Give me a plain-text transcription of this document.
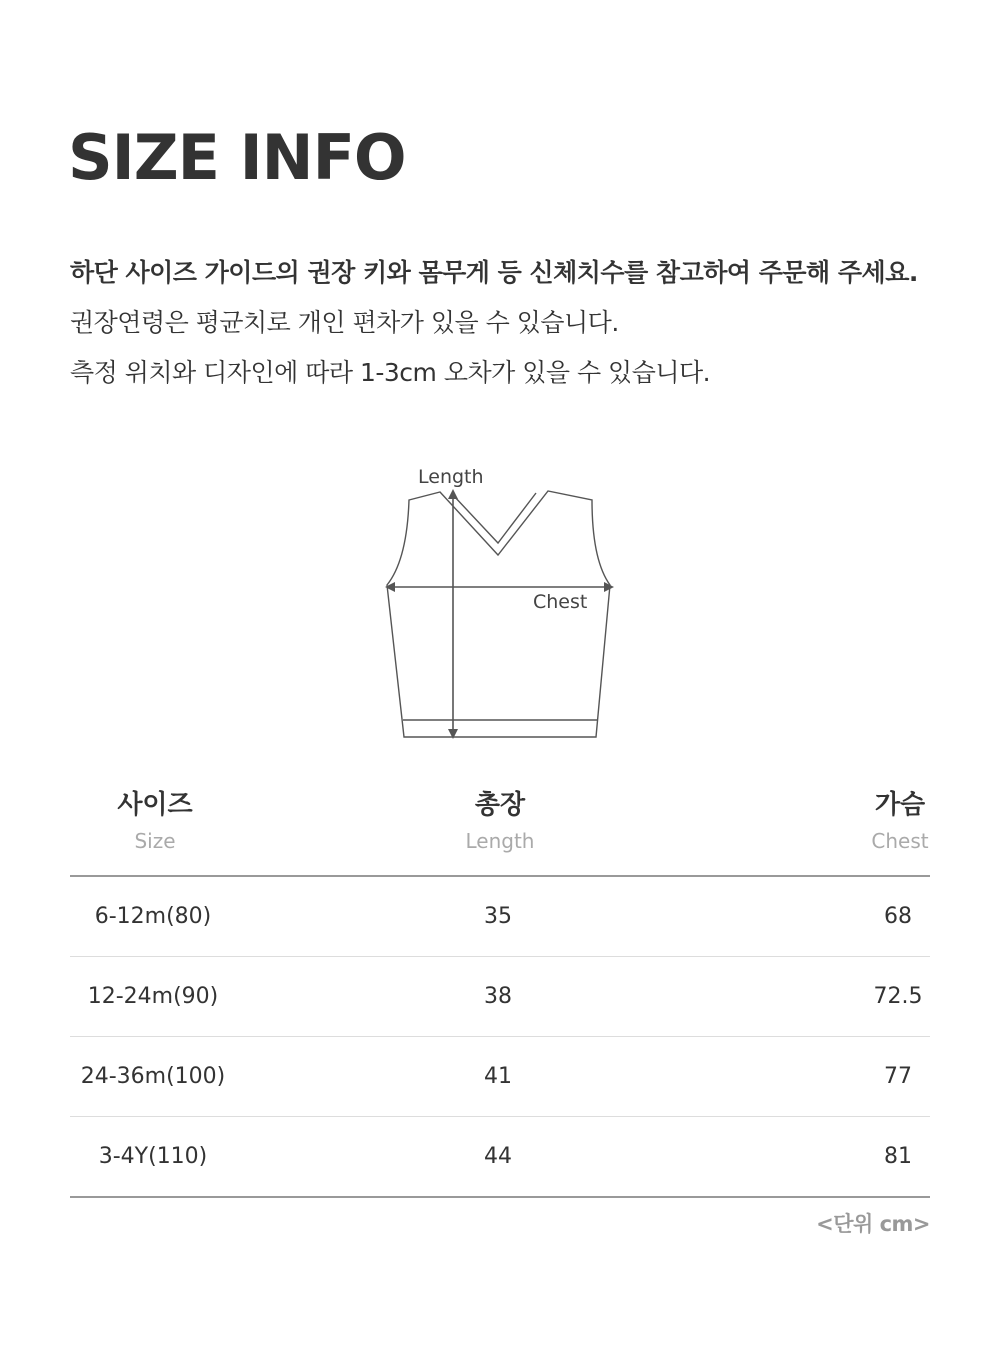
SIZE INFO

하단 사이즈 가이드의 권장 키와 몸무게 등 신체치수를 참고하여 주문해 주세요.

권장연령은 평균치로 개인 편차가 있을 수 있습니다.

측정 위치와 디자인에 따라 1-3cm 오차가 있을 수 있습니다.

Length
Chest
사이즈
Size
총장
Length
가슴
Chest
6-12m(80)	35	68
12-24m(90)	38	72.5
24-36m(100)	41	77
3-4Y(110)	44	81
<단위 cm>
